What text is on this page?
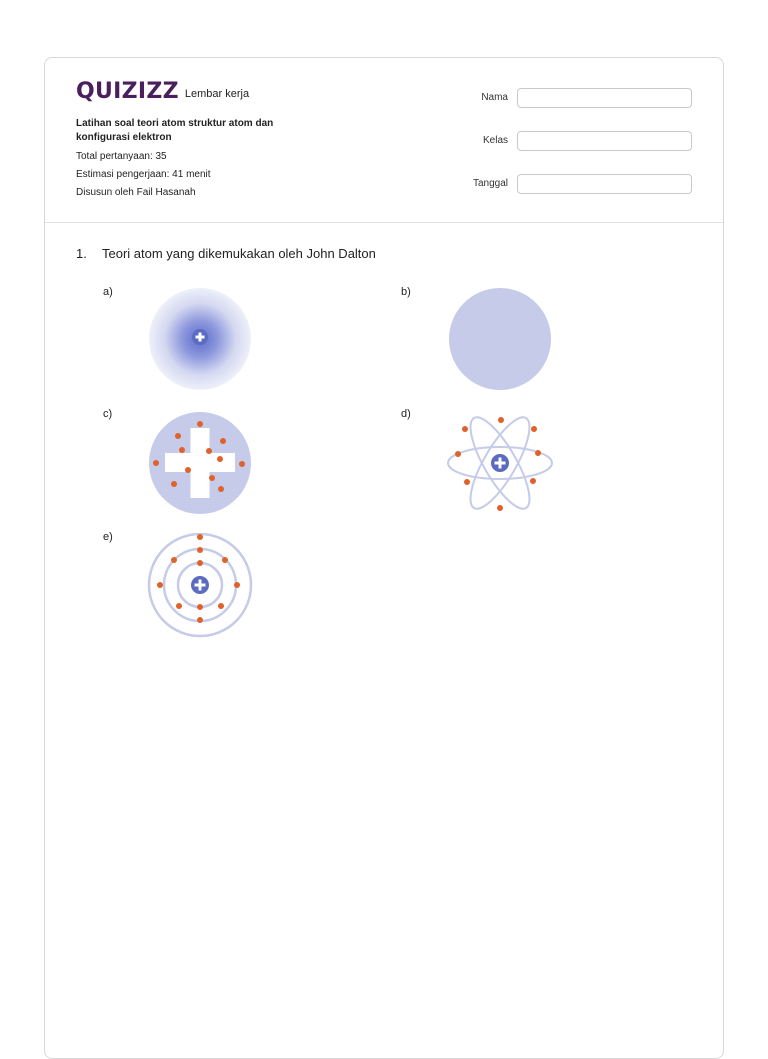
QUIZIZZ Lembar kerja
Latihan soal teori atom struktur atom dan konfigurasi elektron
Total pertanyaan: 35
Estimasi pengerjaan: 41 menit
Disusun oleh Fail Hasanah
Nama
Kelas
Tanggal
1.	Teori atom yang dikemukakan oleh John Dalton
a)	b)
c)	d)
e)
